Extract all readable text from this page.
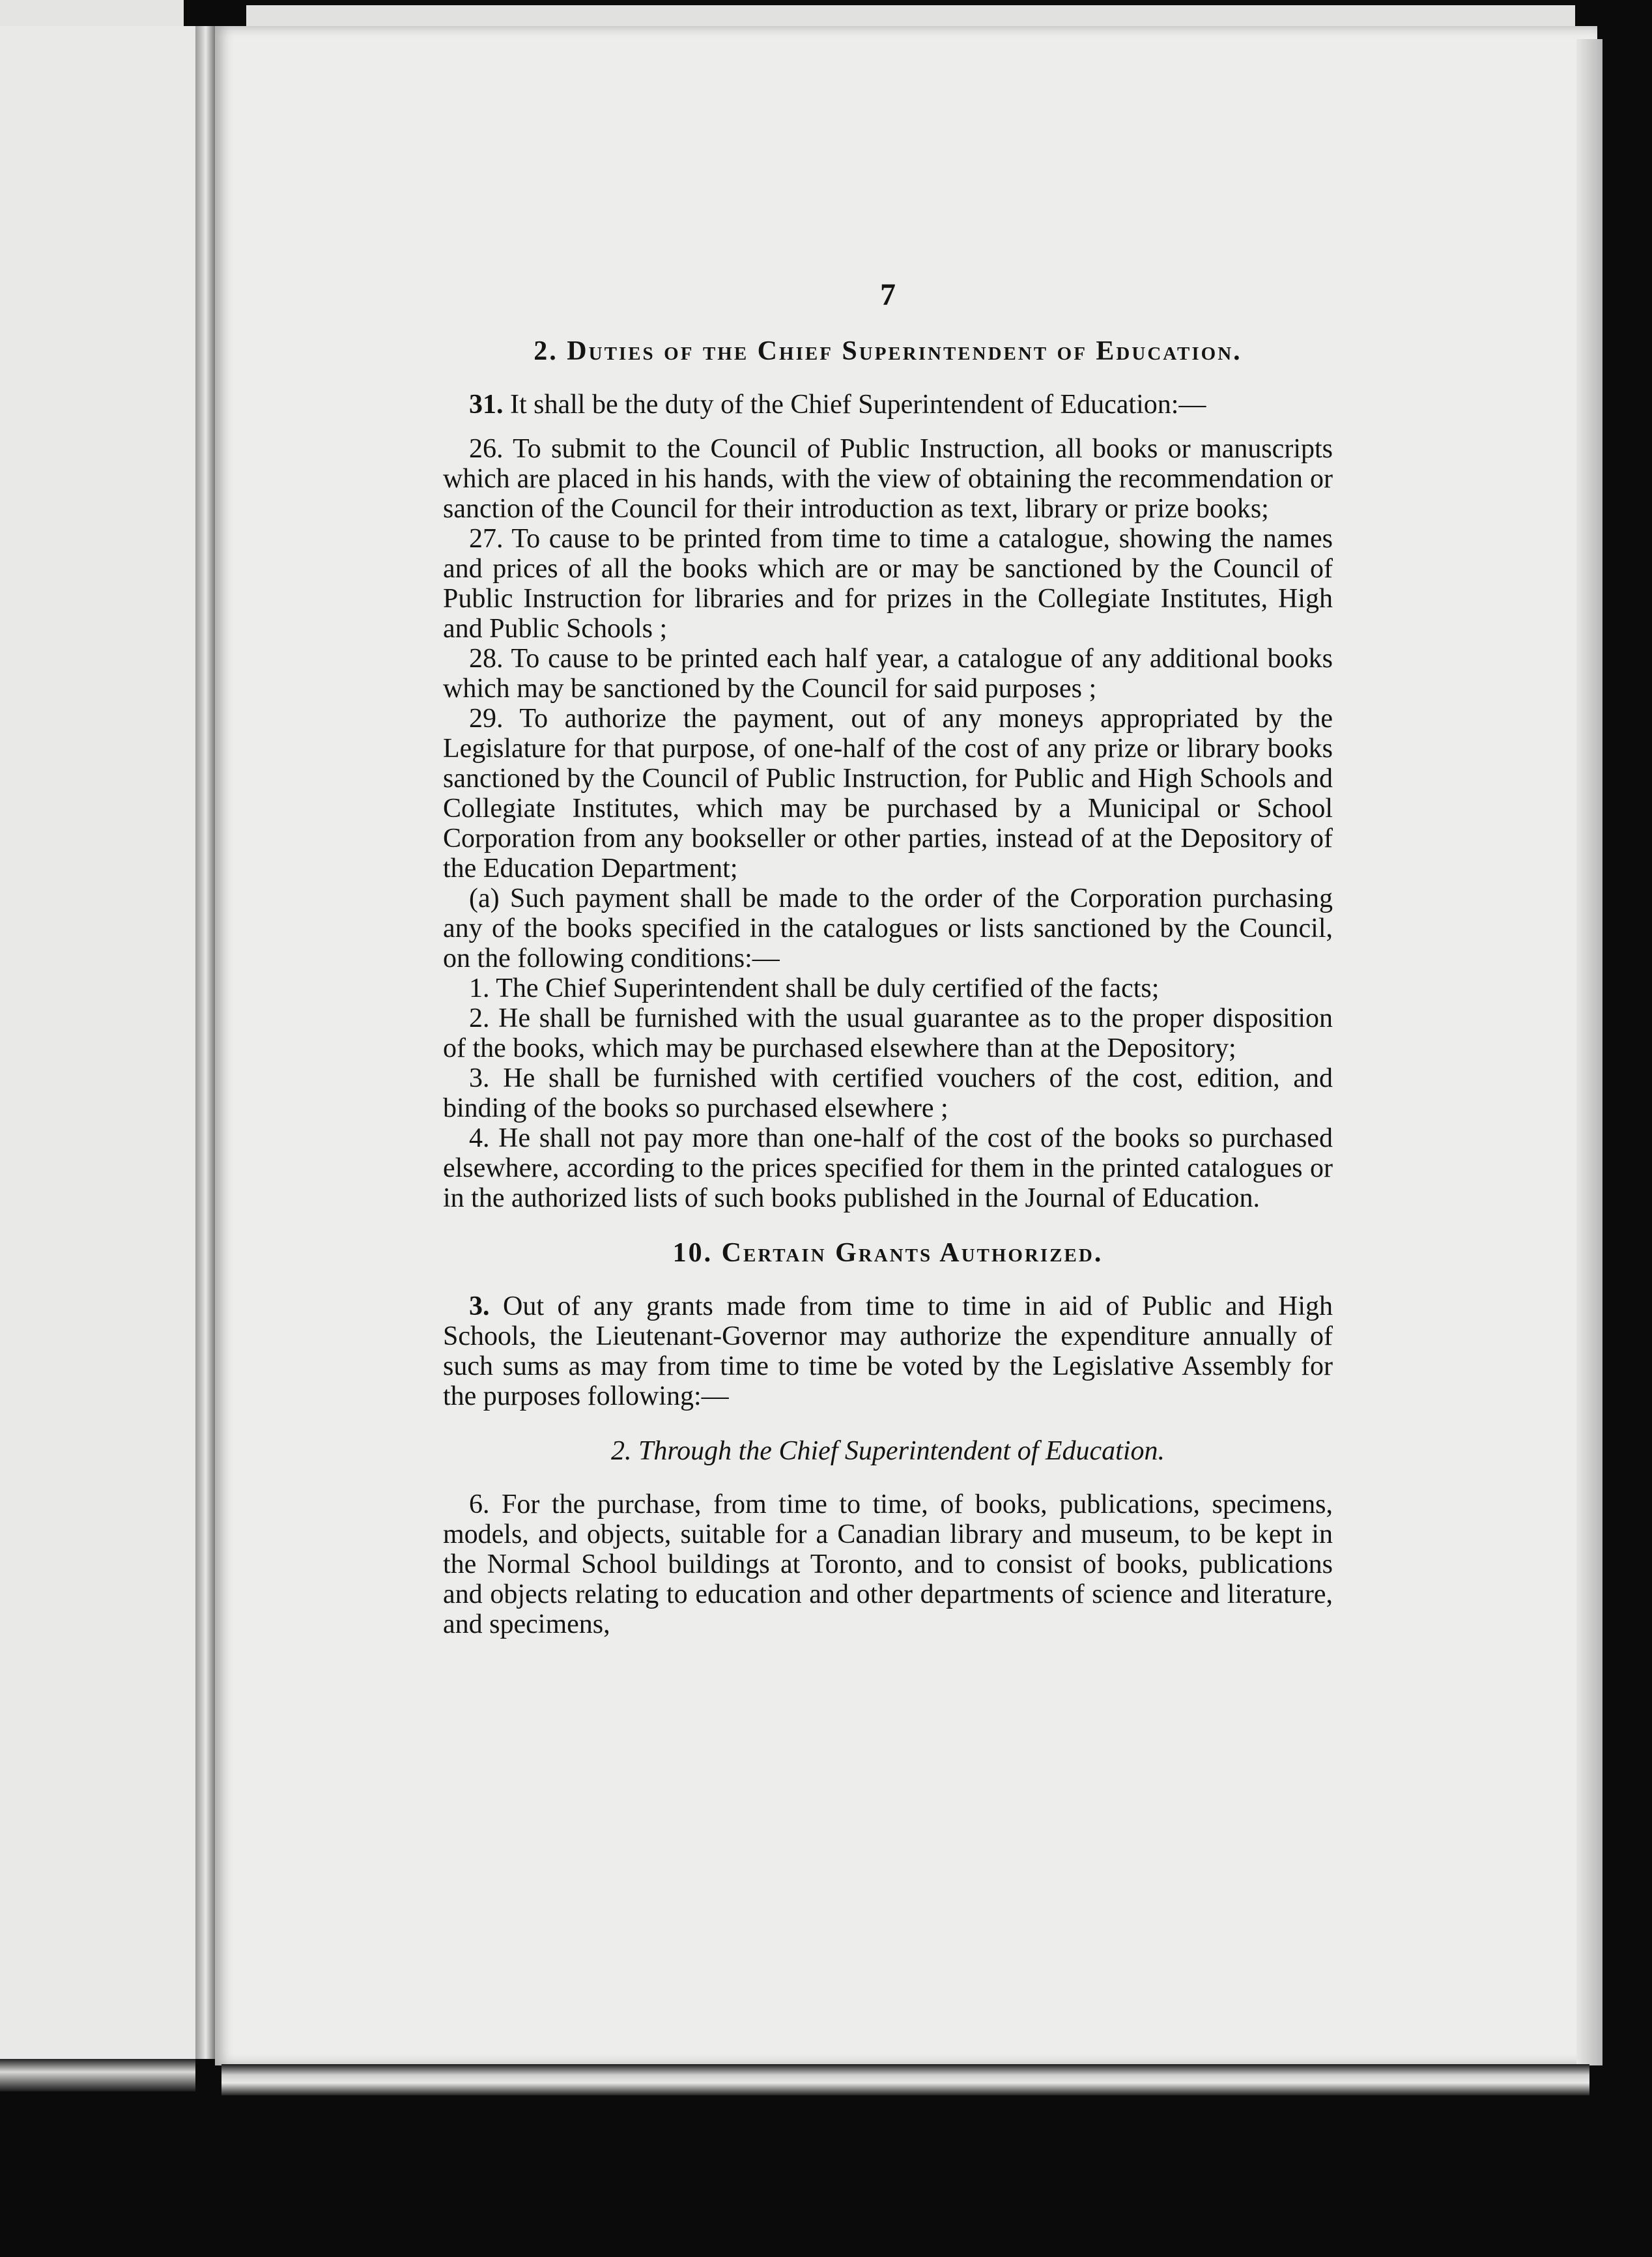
7
2. Duties of the Chief Superintendent of Education.

31. It shall be the duty of the Chief Superintendent of Education:—

26. To submit to the Council of Public Instruction, all books or manuscripts which are placed in his hands, with the view of obtaining the recommendation or sanction of the Council for their introduction as text, library or prize books;

27. To cause to be printed from time to time a catalogue, showing the names and prices of all the books which are or may be sanctioned by the Council of Public Instruction for libraries and for prizes in the Collegiate Institutes, High and Public Schools ;

28. To cause to be printed each half year, a catalogue of any additional books which may be sanctioned by the Council for said purposes ;

29. To authorize the payment, out of any moneys appropriated by the Legislature for that purpose, of one-half of the cost of any prize or library books sanctioned by the Council of Public Instruction, for Public and High Schools and Collegiate Institutes, which may be purchased by a Municipal or School Corporation from any bookseller or other parties, instead of at the Depository of the Education Department;

(a) Such payment shall be made to the order of the Corporation purchasing any of the books specified in the catalogues or lists sanctioned by the Council, on the following conditions:—

1. The Chief Superintendent shall be duly certified of the facts;

2. He shall be furnished with the usual guarantee as to the proper disposition of the books, which may be purchased elsewhere than at the Depository;

3. He shall be furnished with certified vouchers of the cost, edition, and binding of the books so purchased elsewhere ;

4. He shall not pay more than one-half of the cost of the books so purchased elsewhere, according to the prices specified for them in the printed catalogues or in the authorized lists of such books published in the Journal of Education.

10. Certain Grants Authorized.

3. Out of any grants made from time to time in aid of Public and High Schools, the Lieutenant-Governor may authorize the expenditure annually of such sums as may from time to time be voted by the Legislative Assembly for the purposes following:—

2. Through the Chief Superintendent of Education.

6. For the purchase, from time to time, of books, publications, specimens, models, and objects, suitable for a Canadian library and museum, to be kept in the Normal School buildings at Toronto, and to consist of books, publications and objects relating to education and other departments of science and literature, and specimens,
